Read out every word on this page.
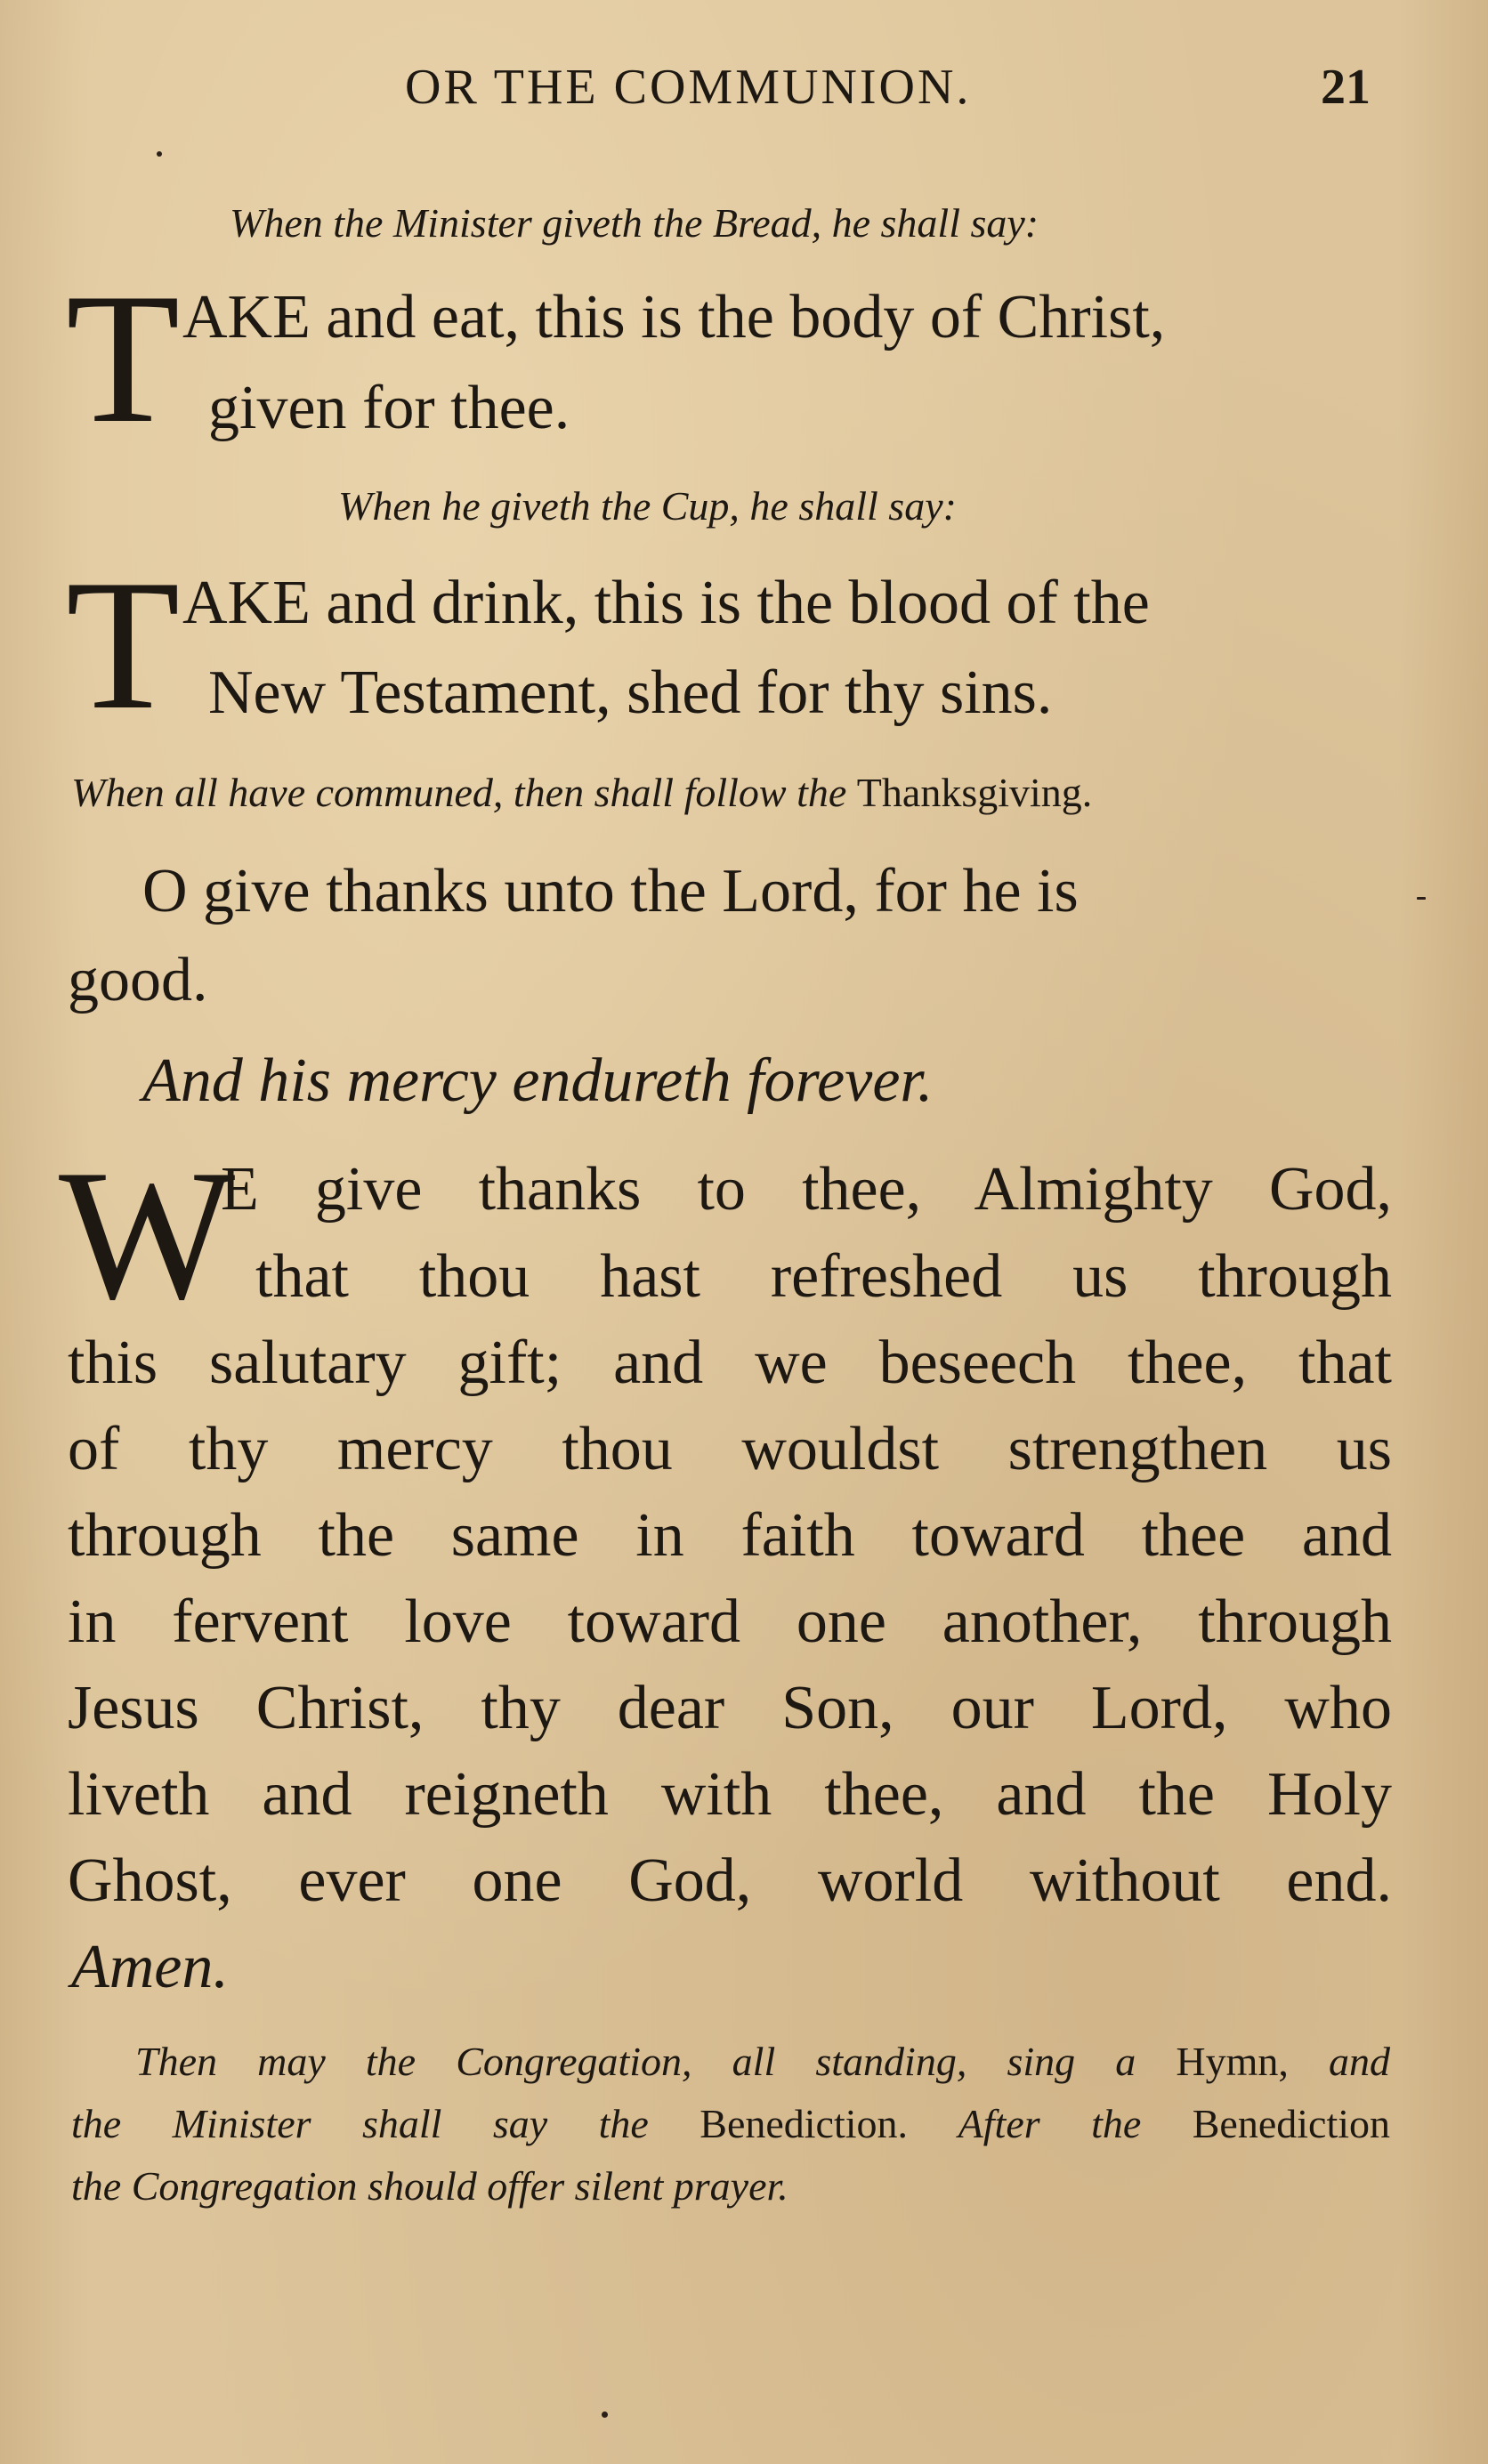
OR THE COMMUNION.	21
When the Minister giveth the Bread, he shall say:
T AKE and eat, this is the body of Christ,
given for thee.
When he giveth the Cup, he shall say:
T AKE and drink, this is the blood of the
New Testament, shed for thy sins.
When all have communed, then shall follow the Thanksgiving.
O give thanks unto the Lord, for he is
good.
And his mercy endureth forever.
W
E give thanks to thee, Almighty God,
that thou hast refreshed us through
this salutary gift; and we beseech thee, that
of thy mercy thou wouldst strengthen us
through the same in faith toward thee and
in fervent love toward one another, through
Jesus Christ, thy dear Son, our Lord, who
liveth and reigneth with thee, and the Holy
Ghost, ever one God, world without end.
Amen.
Then may the Congregation, all standing, sing a Hymn, and
the Minister shall say the Benediction. After the Benediction
the Congregation should offer silent prayer.
